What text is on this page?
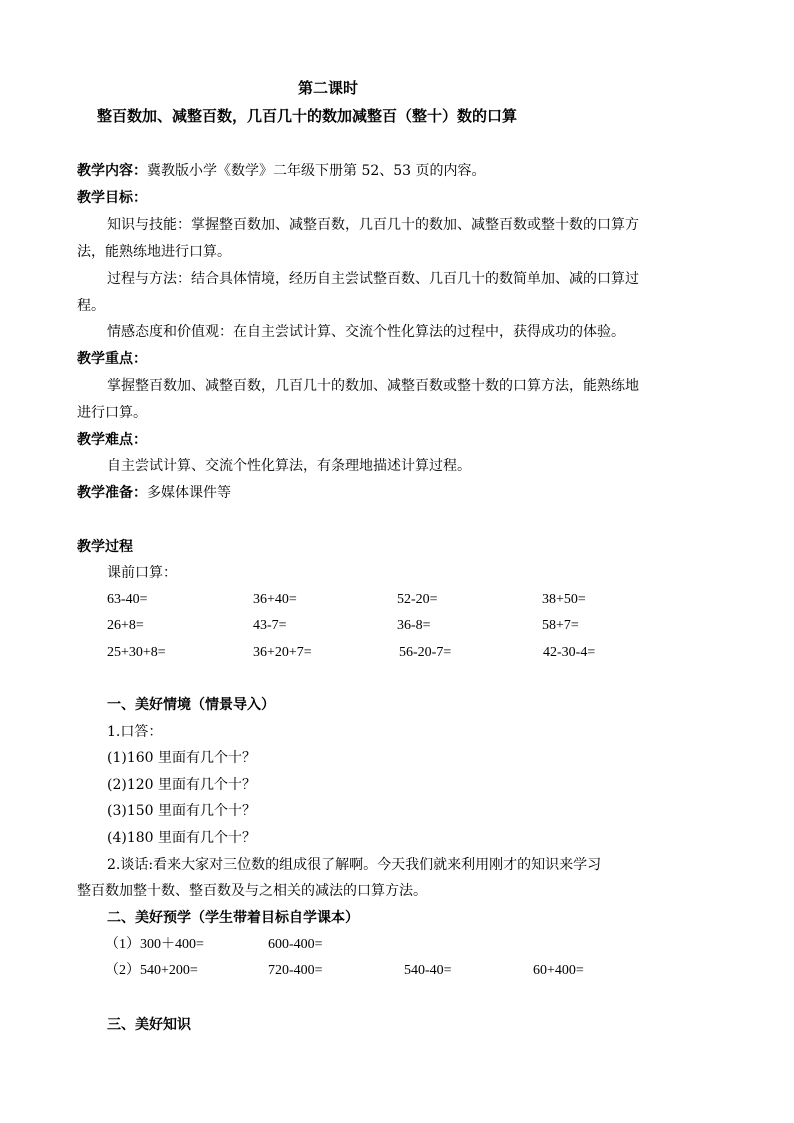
第二课时
整百数加、减整百数，几百几十的数加减整百（整十）数的口算
教学内容：冀教版小学《数学》二年级下册第 52、53 页的内容。
教学目标：
知识与技能：掌握整百数加、减整百数，几百几十的数加、减整百数或整十数的口算方
法，能熟练地进行口算。
过程与方法：结合具体情境，经历自主尝试整百数、几百几十的数简单加、减的口算过
程。
情感态度和价值观：在自主尝试计算、交流个性化算法的过程中，获得成功的体验。
教学重点：
掌握整百数加、减整百数，几百几十的数加、减整百数或整十数的口算方法，能熟练地
进行口算。
教学难点：
自主尝试计算、交流个性化算法，有条理地描述计算过程。
教学准备：多媒体课件等
教学过程
课前口算：
63-40=	36+40=	52-20=	38+50=
26+8=	43-7=	36-8=	58+7=
25+30+8=	36+20+7=	56-20-7=	42-30-4=
一、美好情境（情景导入）
1.口答：
(1)160 里面有几个十？
(2)120 里面有几个十？
(3)150 里面有几个十？
(4)180 里面有几个十？
2.谈话:看来大家对三位数的组成很了解啊。今天我们就来利用刚才的知识来学习
整百数加整十数、整百数及与之相关的减法的口算方法。
二、美好预学（学生带着目标自学课本）
（1）300＋400=	600-400=
（2）540+200=	720-400=	540-40=	60+400=
三、美好知识
